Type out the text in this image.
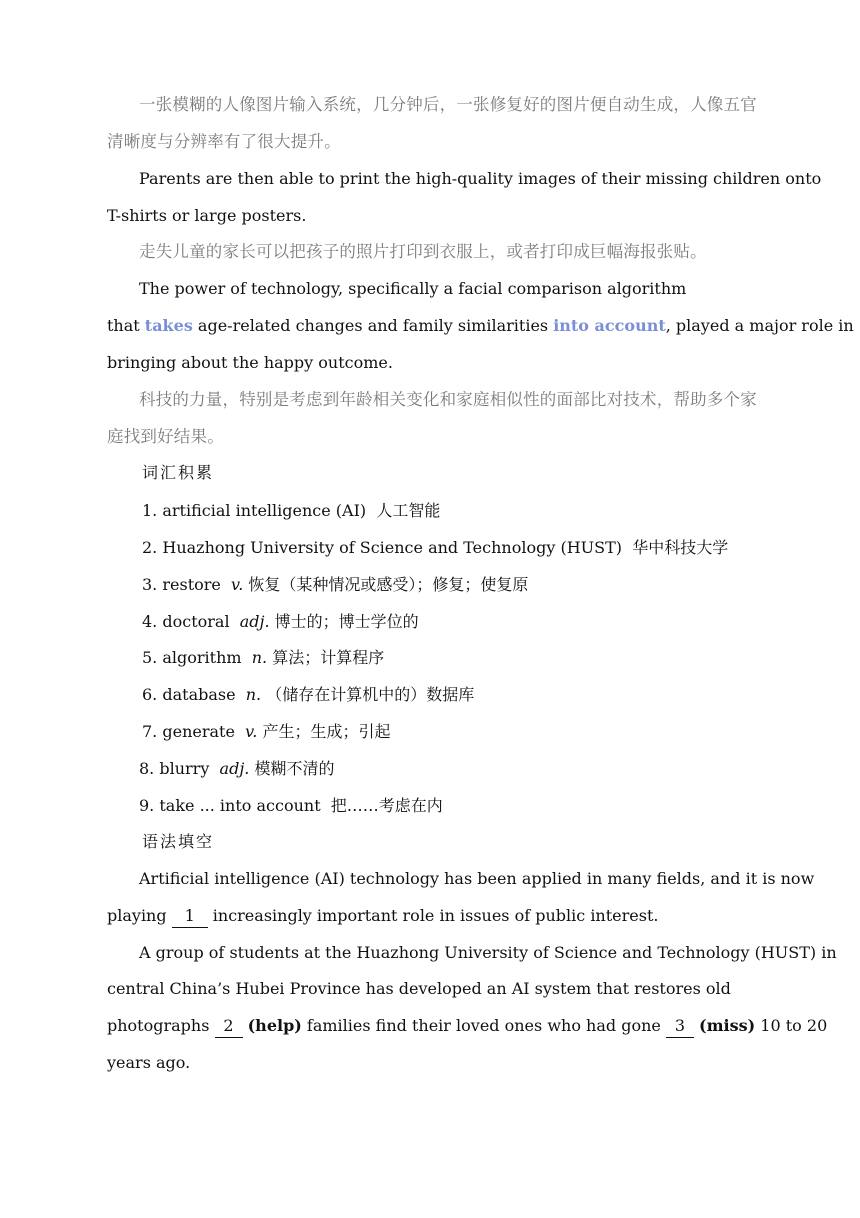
一张模糊的人像图片输入系统，几分钟后，一张修复好的图片便自动生成，人像五官
清晰度与分辨率有了很大提升。
Parents are then able to print the high-quality images of their missing children onto
T-shirts or large posters.
走失儿童的家长可以把孩子的照片打印到衣服上，或者打印成巨幅海报张贴。
The power of technology, specifically a facial comparison algorithm
that takes age-related changes and family similarities into account, played a major role in
bringing about the happy outcome.
科技的力量，特别是考虑到年龄相关变化和家庭相似性的面部比对技术，帮助多个家
庭找到好结果。
词汇积累
1. artificial intelligence (AI) 人工智能
2. Huazhong University of Science and Technology (HUST) 华中科技大学
3. restore v. 恢复（某种情况或感受）；修复；使复原
4. doctoral adj. 博士的；博士学位的
5. algorithm n. 算法；计算程序
6. database n. （储存在计算机中的）数据库
7. generate v. 产生；生成；引起
8. blurry adj. 模糊不清的
9. take ... into account 把……考虑在内
语法填空
Artificial intelligence (AI) technology has been applied in many fields, and it is now
playing 1 increasingly important role in issues of public interest.
A group of students at the Huazhong University of Science and Technology (HUST) in
central China’s Hubei Province has developed an AI system that restores old
photographs 2 (help) families find their loved ones who had gone 3 (miss) 10 to 20
years ago.
